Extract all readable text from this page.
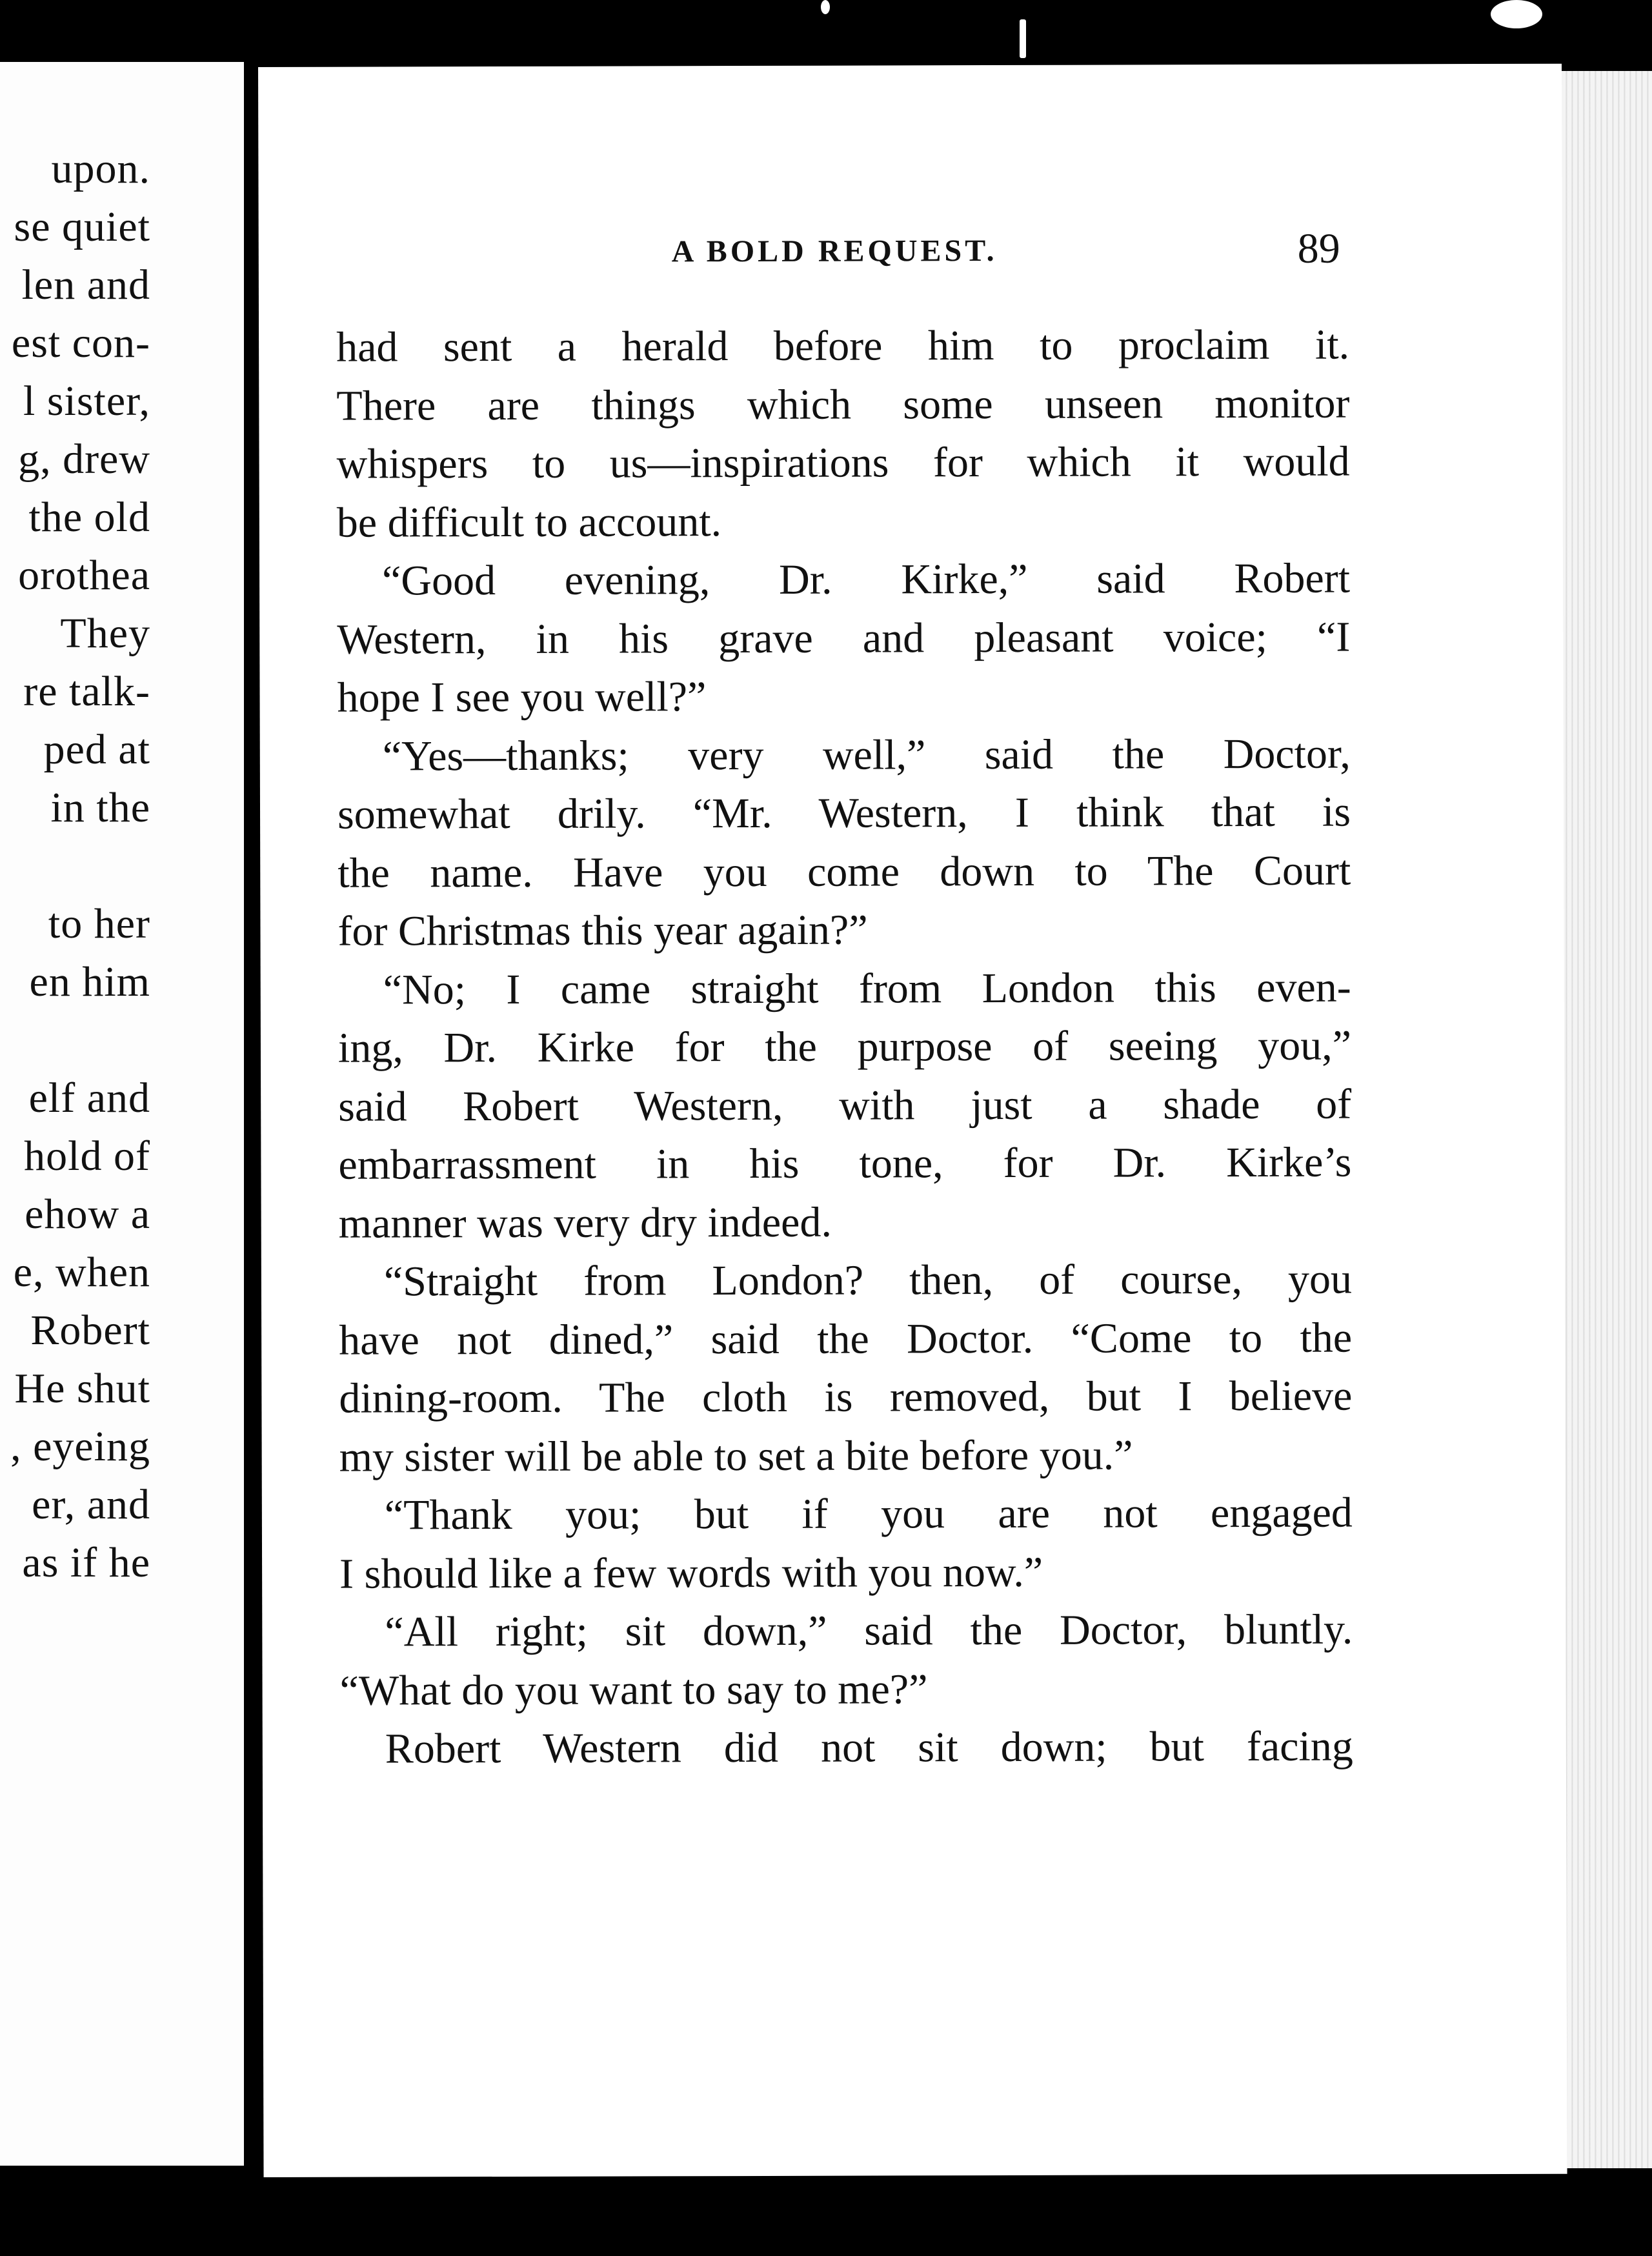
upon.
se quiet
len and
est con-
l sister,
g, drew
the old
orothea
They
re talk-
ped at
in the
to her
en him
elf and
hold of
ehow a
e, when
Robert
He shut
, eyeing
er, and
as if he
A BOLD REQUEST.	89
had sent a herald before him to proclaim it.
There are things which some unseen monitor
whispers to us—inspirations for which it would
be difficult to account.
“Good evening, Dr. Kirke,” said Robert
Western, in his grave and pleasant voice; “I
hope I see you well?”
“Yes—thanks; very well,” said the Doctor,
somewhat drily. “Mr. Western, I think that is
the name. Have you come down to The Court
for Christmas this year again?”
“No; I came straight from London this even-
ing, Dr. Kirke for the purpose of seeing you,”
said Robert Western, with just a shade of
embarrassment in his tone, for Dr. Kirke’s
manner was very dry indeed.
“Straight from London? then, of course, you
have not dined,” said the Doctor. “Come to the
dining-room. The cloth is removed, but I believe
my sister will be able to set a bite before you.”
“Thank you; but if you are not engaged
I should like a few words with you now.”
“All right; sit down,” said the Doctor, bluntly.
“What do you want to say to me?”
Robert Western did not sit down; but facing
